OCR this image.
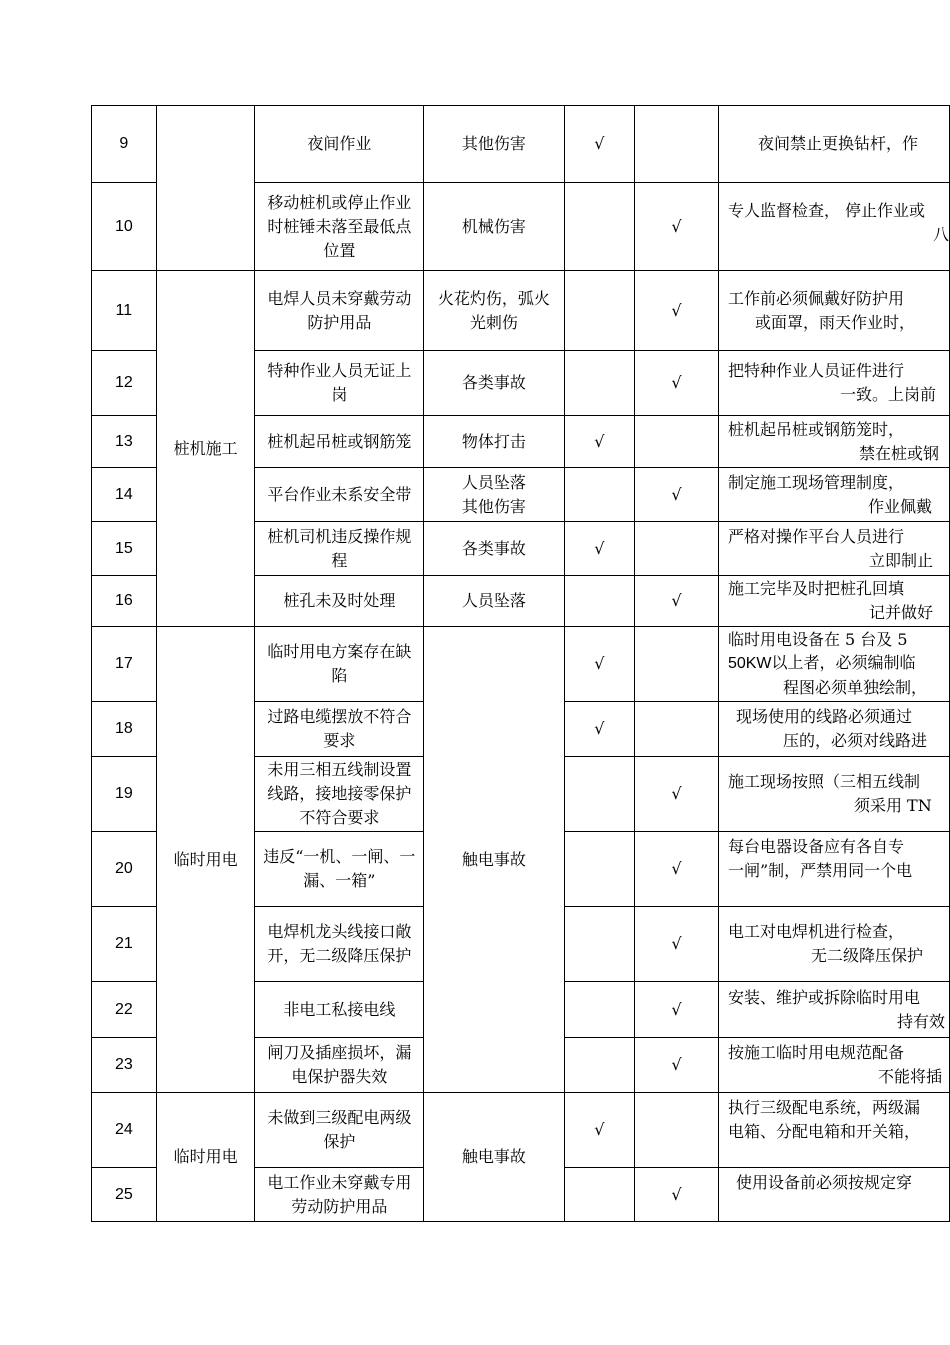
9		夜间作业	其他伤害	√		夜间禁止更换钻杆，作

10		移动桩机或停止作业时桩锤未落至最低点位置	机械伤害		√	专人监督检查， 停止作业或
八

11	桩机施工	电焊人员未穿戴劳动防护用品	火花灼伤，弧火光刺伤		√	工作前必须佩戴好防护用
或面罩，雨天作业时，

12		特种作业人员无证上岗	各类事故		√	把特种作业人员证件进行
一致。上岗前

13		桩机起吊桩或钢筋笼	物体打击	√		桩机起吊桩或钢筋笼时，
禁在桩或钢

14		平台作业未系安全带	人员坠落
其他伤害		√	制定施工现场管理制度，
作业佩戴

15		桩机司机违反操作规程	各类事故	√		严格对操作平台人员进行
立即制止

16		桩孔未及时处理	人员坠落		√	施工完毕及时把桩孔回填
记并做好

17	临时用电	临时用电方案存在缺陷	触电事故	√		临时用电设备在 5 台及 5
50KW以上者，必须编制临
程图必须单独绘制，

18		过路电缆摆放不符合要求		√		现场使用的线路必须通过
压的，必须对线路进

19		未用三相五线制设置线路，接地接零保护不符合要求			√	施工现场按照（三相五线制
须采用 TN

20		违反“一机、一闸、一漏、一箱”			√	每台电器设备应有各自专
一闸”制，严禁用同一个电

21		电焊机龙头线接口敞开，无二级降压保护			√	电工对电焊机进行检查，
无二级降压保护

22		非电工私接电线			√	安装、维护或拆除临时用电
持有效

23		闸刀及插座损坏，漏电保护器失效			√	按施工临时用电规范配备
不能将插

24	临时用电	未做到三级配电两级保护	触电事故	√		执行三级配电系统，两级漏
电箱、分配电箱和开关箱，

25		电工作业未穿戴专用劳动防护用品			√	使用设备前必须按规定穿
